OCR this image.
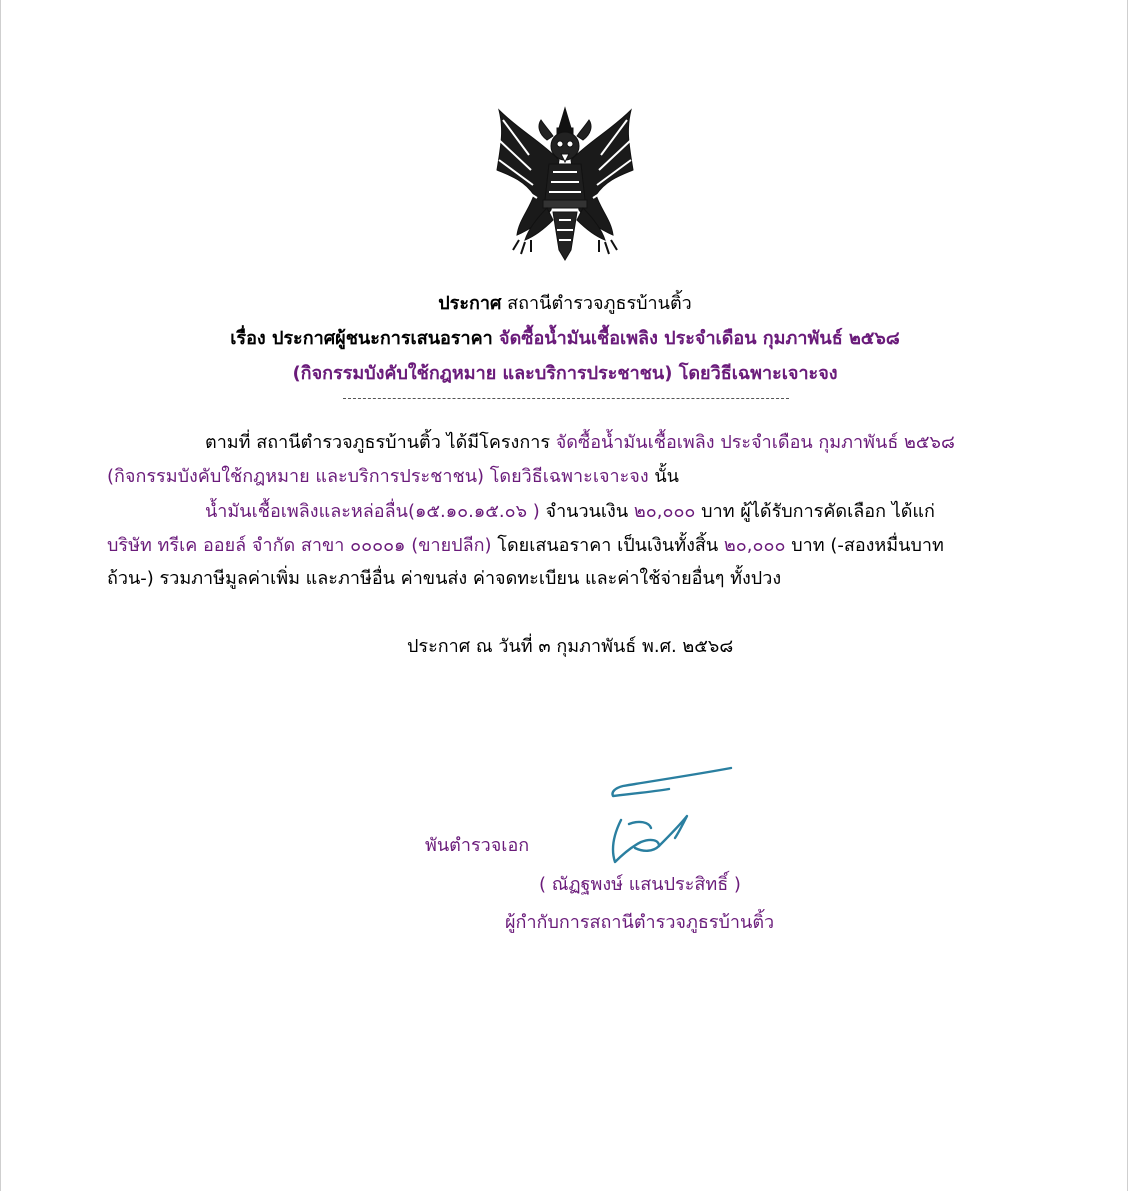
ประกาศ สถานีตำรวจภูธรบ้านติ้ว
เรื่อง ประกาศผู้ชนะการเสนอราคา จัดซื้อน้ำมันเชื้อเพลิง ประจำเดือน กุมภาพันธ์ ๒๕๖๘
(กิจกรรมบังคับใช้กฎหมาย และบริการประชาชน) โดยวิธีเฉพาะเจาะจง
ตามที่ สถานีตำรวจภูธรบ้านติ้ว ได้มีโครงการ จัดซื้อน้ำมันเชื้อเพลิง ประจำเดือน กุมภาพันธ์ ๒๕๖๘
(กิจกรรมบังคับใช้กฎหมาย และบริการประชาชน) โดยวิธีเฉพาะเจาะจง นั้น
น้ำมันเชื้อเพลิงและหล่อลื่น(๑๕.๑๐.๑๕.๐๖ ) จำนวนเงิน ๒๐,๐๐๐ บาท ผู้ได้รับการคัดเลือก ได้แก่
บริษัท ทรีเค ออยล์ จำกัด สาขา ๐๐๐๐๑ (ขายปลีก) โดยเสนอราคา เป็นเงินทั้งสิ้น ๒๐,๐๐๐ บาท (-สองหมื่นบาท
ถ้วน-) รวมภาษีมูลค่าเพิ่ม และภาษีอื่น ค่าขนส่ง ค่าจดทะเบียน และค่าใช้จ่ายอื่นๆ ทั้งปวง
ประกาศ ณ วันที่ ๓ กุมภาพันธ์ พ.ศ. ๒๕๖๘
พันตำรวจเอก
( ณัฏฐพงษ์ แสนประสิทธิ์ )
ผู้กำกับการสถานีตำรวจภูธรบ้านติ้ว
